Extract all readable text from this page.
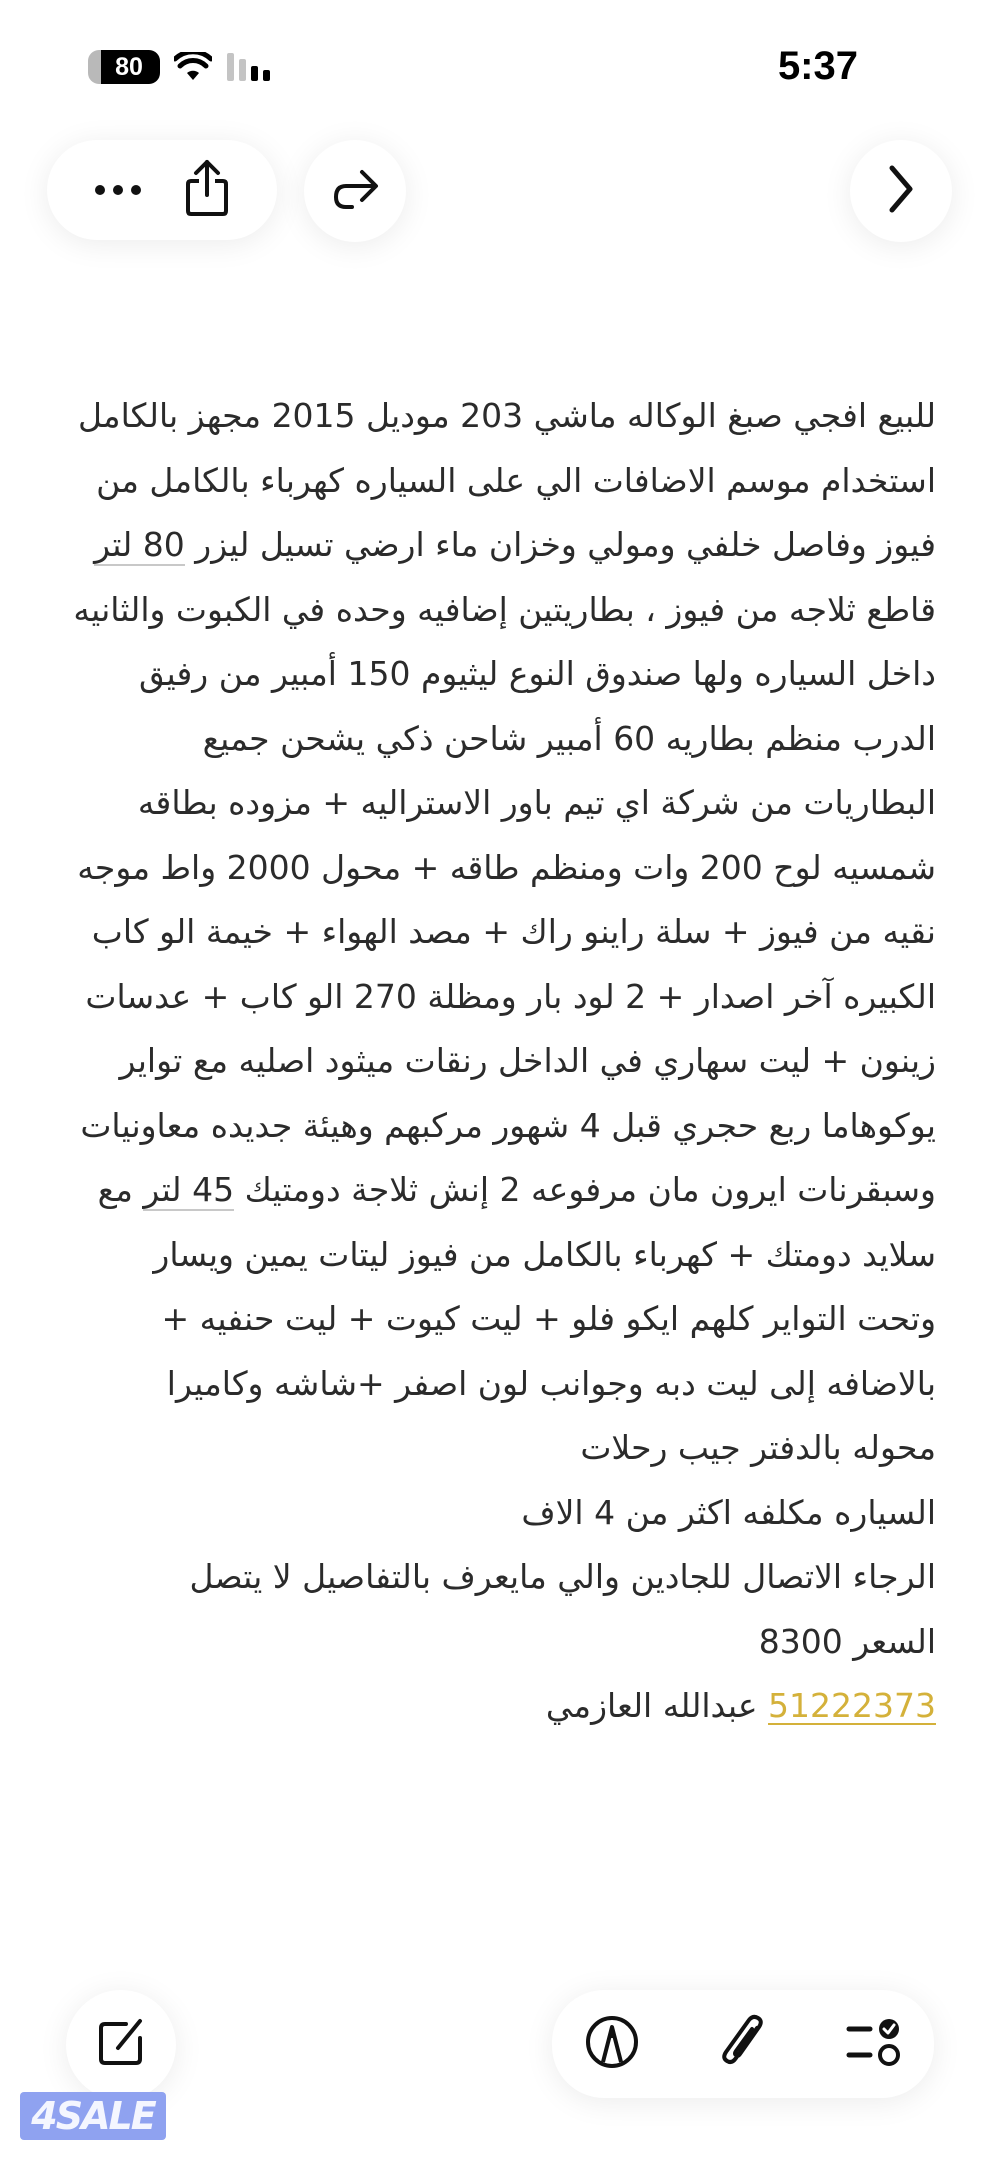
80	5:37

للبيع افجي صبغ الوكاله ماشي 203 موديل 2015 مجهز بالكامل استخدام موسم الاضافات الي على السياره كهرباء بالكامل من فيوز وفاصل خلفي ومولي وخزان ماء ارضي تسيل ليزر 80 لتر قاطع ثلاجه من فيوز ، بطاريتين إضافيه وحده في الكبوت والثانيه داخل السياره ولها صندوق النوع ليثيوم 150 أمبير من رفيق الدرب منظم بطاريه 60 أمبير شاحن ذكي يشحن جميع البطاريات من شركة اي تيم باور الاستراليه + مزوده بطاقه شمسيه لوح 200 وات ومنظم طاقه + محول 2000 واط موجه نقيه من فيوز + سلة راينو راك + مصد الهواء + خيمة الو كاب الكبيره آخر اصدار + 2 لود بار ومظلة 270 الو كاب + عدسات زينون + ليت سهاري في الداخل رنقات ميثود اصليه مع تواير يوكوهاما ربع حجري قبل 4 شهور مركبهم وهيئة جديده معاونيات وسبقرنات ايرون مان مرفوعه 2 إنش ثلاجة دومتيك 45 لتر مع سلايد دومتك + كهرباء بالكامل من فيوز ليتات يمين ويسار وتحت التواير كلهم ايكو فلو + ليت كيوت + ليت حنفيه + بالاضافه إلى ليت دبه وجوانب لون اصفر +شاشه وكاميرا

محوله بالدفتر جيب رحلات

السياره مكلفه اكثر من 4 الاف

الرجاء الاتصال للجادين والي مايعرف بالتفاصيل لا يتصل

السعر 8300

51222373 عبدالله العازمي

4SALE
